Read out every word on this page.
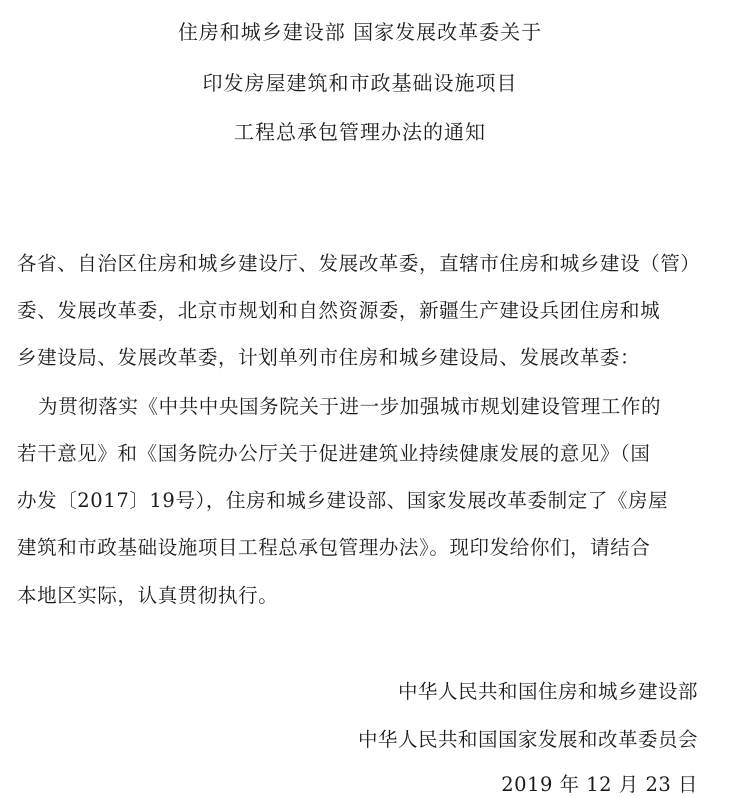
住房和城乡建设部 国家发展改革委关于
印发房屋建筑和市政基础设施项目
工程总承包管理办法的通知
各省、自治区住房和城乡建设厅、发展改革委，直辖市住房和城乡建设（管）
委、发展改革委，北京市规划和自然资源委，新疆生产建设兵团住房和城
乡建设局、发展改革委，计划单列市住房和城乡建设局、发展改革委：
为贯彻落实《中共中央国务院关于进一步加强城市规划建设管理工作的
若干意见》和《国务院办公厅关于促进建筑业持续健康发展的意见》（国
办发〔2017〕19号），住房和城乡建设部、国家发展改革委制定了《房屋
建筑和市政基础设施项目工程总承包管理办法》。现印发给你们，请结合
本地区实际，认真贯彻执行。
中华人民共和国住房和城乡建设部
中华人民共和国国家发展和改革委员会
2019 年 12 月 23 日
